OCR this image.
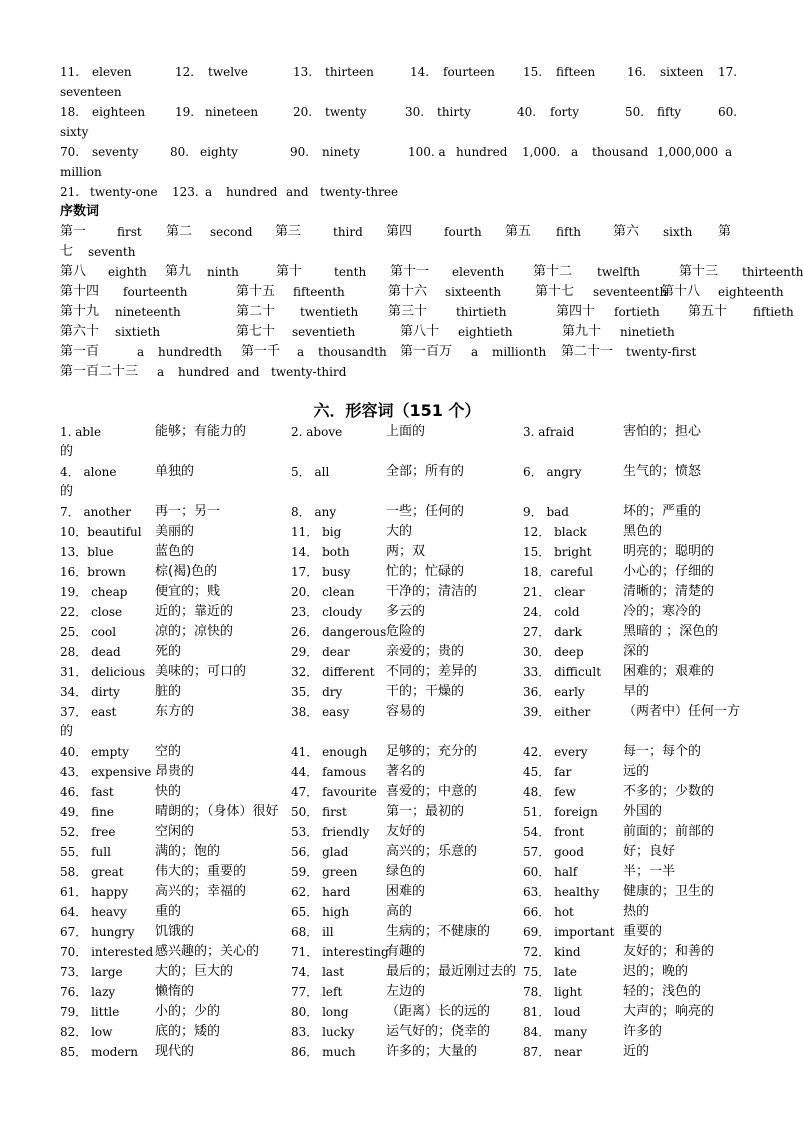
11. eleven	12. twelve	13. thirteen	14. fourteen 15. fifteen	16. sixteen 17.
seventeen
18. eighteen 19. nineteen	20. twenty	30. thirty	40. forty	50. fifty	60.
sixty
70. seventy	80. eighty	90. ninety	100. a hundred 1,000. a thousand 1,000,000 a
million
21. twenty-one 123. a hundred and twenty-three
序数词
第一	first 第二 second 第三	third 第四	fourth 第五 fifth 第六 sixth 第
七 seventh
第八 eighth 第九 ninth	第十	tenth 第十一 eleventh 第十二 twelfth	第十三 thirteenth
第十四 fourteenth	第十五 fifteenth	第十六 sixteenth	第十七 seventeenth
第十八 eighteenth
第十九 nineteenth	第二十 twentieth 第三十 thirtieth	第四十 fortieth 第五十 fiftieth
第六十 sixtieth	第七十 seventieth	第八十 eightieth	第九十 ninetieth
第一百	a hundredth 第一千 a thousandth 第一百万 a millionth 第二十一 twenty-first
第一百二十三 a hundred and twenty-third
六．形容词（151 个）
1. able	能够；有能力的	2. above	上面的	3. afraid	害怕的；担心
的
4． alone	单独的	5． all	全部；所有的	6． angry	生气的；愤怒
的
7． another 再一；另一	8． any	一些；任何的	9． bad	坏的；严重的
10．beautiful 美丽的	11． big	大的	12． black	黑色的
13．blue	蓝色的	14． both	两；双	15． bright 明亮的；聪明的
16．brown 棕(褐)色的	17． busy	忙的；忙碌的	18．careful 小心的；仔细的
19． cheap 便宜的；贱	20． clean 干净的；清洁的	21． clear	清晰的；清楚的
22． close	近的；靠近的	23． cloudy 多云的	24． cold	冷的；寒冷的
25． cool	凉的；凉快的	26． dangerous 危险的	27． dark	黑暗的 ；深色的
28． dead	死的	29． dear	亲爱的；贵的	30． deep	深的
31． delicious 美味的；可口的	32． different 不同的；差异的	33． difficult 困难的；艰难的
34． dirty	脏的	35． dry	干的；干燥的	36． early	早的
37． east	东方的	38． easy	容易的	39． either	（两者中）任何一方
的
40． empty 空的	41． enough 足够的；充分的	42． every	每一；每个的
43． expensive 昂贵的	44． famous 著名的	45． far	远的
46． fast	快的	47． favourite 喜爱的；中意的	48． few	不多的；少数的
49． fine	晴朗的；（身体）很好 50． first	第一；最初的	51． foreign 外国的
52． free	空闲的	53． friendly 友好的	54． front	前面的；前部的
55． full	满的；饱的	56． glad	高兴的；乐意的	57． good	好；良好
58． great 伟大的；重要的	59． green 绿色的	60． half	半；一半
61． happy 高兴的；幸福的	62． hard	困难的	63． healthy 健康的；卫生的
64． heavy 重的	65． high	高的	66． hot	热的
67． hungry 饥饿的	68． ill	生病的；不健康的	69． important 重要的
70． interested 感兴趣的；关心的	71． interesting
有趣的	72． kind	友好的；和善的
73． large 大的；巨大的	74． last	最后的；最近刚过去的 75． late	迟的；晚的
76． lazy	懒惰的	77． left	左边的	78． light	轻的；浅色的
79． little	小的；少的	80． long	（距离）长的远的	81． loud	大声的；响亮的
82． low	底的；矮的	83． lucky 运气好的；侥幸的	84． many	许多的
85． modern 现代的	86． much 许多的；大量的	87． near	近的
